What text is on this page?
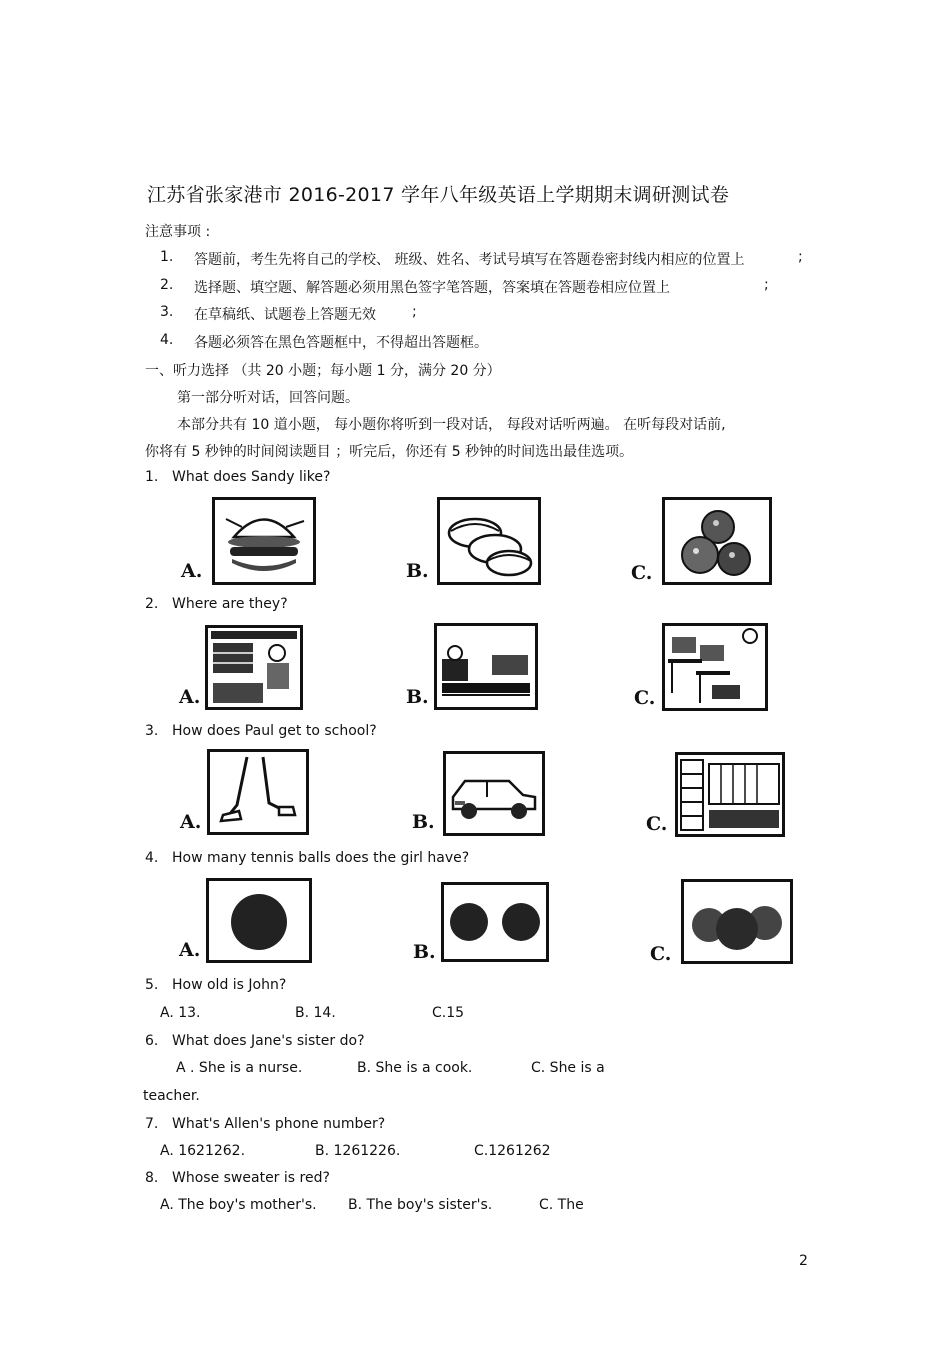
江苏省张家港市 2016-2017 学年八年级英语上学期期末调研测试卷
注意事项 :
1. 答题前，考生先将自己的学校、 班级、姓名、考试号填写在答题卷密封线内相应的位置上	;
2. 选择题、填空题、解答题必须用黑色签字笔答题，答案填在答题卷相应位置上	;
3. 在草稿纸、试题卷上答题无效	;
4. 各题必须答在黑色答题框中，不得超出答题框。
一、听力选择 （共 20 小题；每小题 1 分，满分 20 分）
第一部分听对话，回答问题。
本部分共有 10 道小题， 每小题你将听到一段对话， 每段对话听两遍。 在听每段对话前,
你将有 5 秒钟的时间阅读题目 ；听完后，你还有 5 秒钟的时间选出最佳选项。
1. What does Sandy like?
A.	B.	C.
2. Where are they?
A.	B.	C.
3. How does Paul get to school?
A.	B.	C.
4. How many tennis balls does the girl have?
A.	B.	C.
5. How old is John?
A. 13.	B. 14.	C.15
6. What does Jane's sister do?
A . She is a nurse.	B. She is a cook.	C. She is a
teacher.
7. What's Allen's phone number?
A. 1621262.	B. 1261226.	C.1261262
8. Whose sweater is red?
A. The boy's mother's. B. The boy's sister's.	C. The
2
